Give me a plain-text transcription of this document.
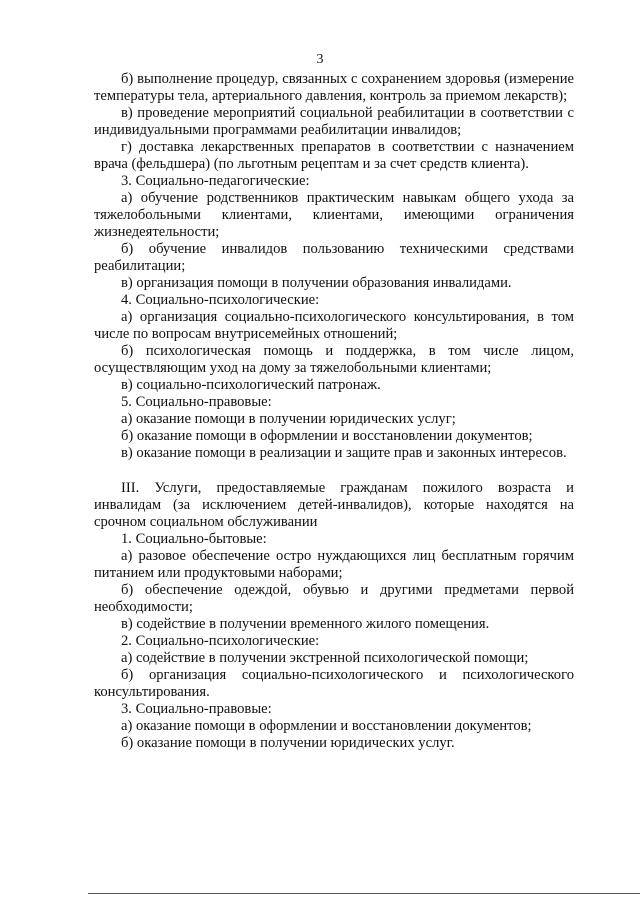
3

б) выполнение процедур, связанных с сохранением здоровья (измерение температуры тела, артериального давления, контроль за приемом лекарств);

в) проведение мероприятий социальной реабилитации в соответствии с индивидуальными программами реабилитации инвалидов;

г) доставка лекарственных препаратов в соответствии с назначением врача (фельдшера) (по льготным рецептам и за счет средств клиента).

3. Социально-педагогические:

а) обучение родственников практическим навыкам общего ухода за тяжелобольными клиентами, клиентами, имеющими ограничения жизнедеятельности;

б) обучение инвалидов пользованию техническими средствами реабилитации;

в) организация помощи в получении образования инвалидами.

4. Социально-психологические:

а) организация социально-психологического консультирования, в том числе по вопросам внутрисемейных отношений;

б) психологическая помощь и поддержка, в том числе лицом, осуществляющим уход на дому за тяжелобольными клиентами;

в) социально-психологический патронаж.

5. Социально-правовые:

а) оказание помощи в получении юридических услуг;

б) оказание помощи в оформлении и восстановлении документов;

в) оказание помощи в реализации и защите прав и законных интересов.

III. Услуги, предоставляемые гражданам пожилого возраста и инвалидам (за исключением детей-инвалидов), которые находятся на срочном социальном обслуживании

1. Социально-бытовые:

а) разовое обеспечение остро нуждающихся лиц бесплатным горячим питанием или продуктовыми наборами;

б) обеспечение одеждой, обувью и другими предметами первой необходимости;

в) содействие в получении временного жилого помещения.

2. Социально-психологические:

а) содействие в получении экстренной психологической помощи;

б) организация социально-психологического и психологического консультирования.

3. Социально-правовые:

а) оказание помощи в оформлении и восстановлении документов;

б) оказание помощи в получении юридических услуг.
